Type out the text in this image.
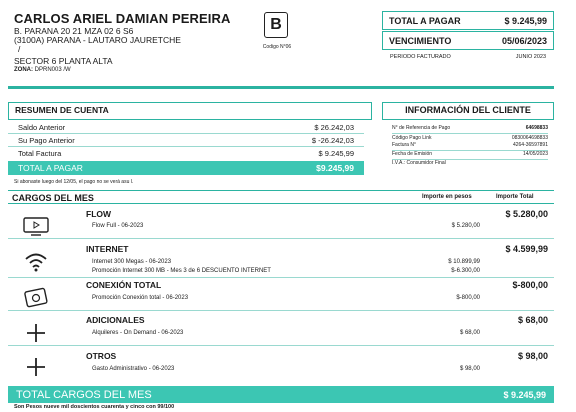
CARLOS ARIEL DAMIAN PEREIRA
B. PARANA 20 21 MZA 02 6 S6
(3100A) PARANA - LAUTARO JAURETCHE
/
SECTOR 6 PLANTA ALTA
ZONA: DPRN003 /W
B
Codigo N°06
TOTAL A PAGAR	$ 9.245,99
VENCIMIENTO	05/06/2023
PERIODO FACTURADO	JUNIO 2023
RESUMEN DE CUENTA
Saldo Anterior	$ 26.242,03
Su Pago Anterior	$ -26.242,03
Total Factura	$ 9.245,99
TOTAL A PAGAR	$9.245,99
Si abonaste luego del 12/05, el pago no se verá asu l.
INFORMACIÓN DEL CLIENTE
N° de Referencia de Pago	64698833
Código Pago Link	0830064698833
Factura N°	4264-36597891
Fecha de Emisión	14/05/2023
I.V.A.: Consumidor Final
CARGOS DEL MES	Importe en pesos	Importe Total
FLOW	$ 5.280,00
Flow Full - 06-2023	$ 5.280,00
INTERNET	$ 4.599,99
Internet 300 Megas - 06-2023	$ 10.899,99
Promoción Internet 300 MB - Mes 3 de 6 DESCUENTO INTERNET	$-6.300,00
CONEXIÓN TOTAL	$-800,00
Promoción Conexión total - 06-2023	$-800,00
ADICIONALES	$ 68,00
Alquileres - On Demand - 06-2023	$ 68,00
OTROS	$ 98,00
Gasto Administrativo - 06-2023	$ 98,00
TOTAL CARGOS DEL MES	$ 9.245,99
Son Pesos nueve mil doscientos cuarenta y cinco con 99/100
